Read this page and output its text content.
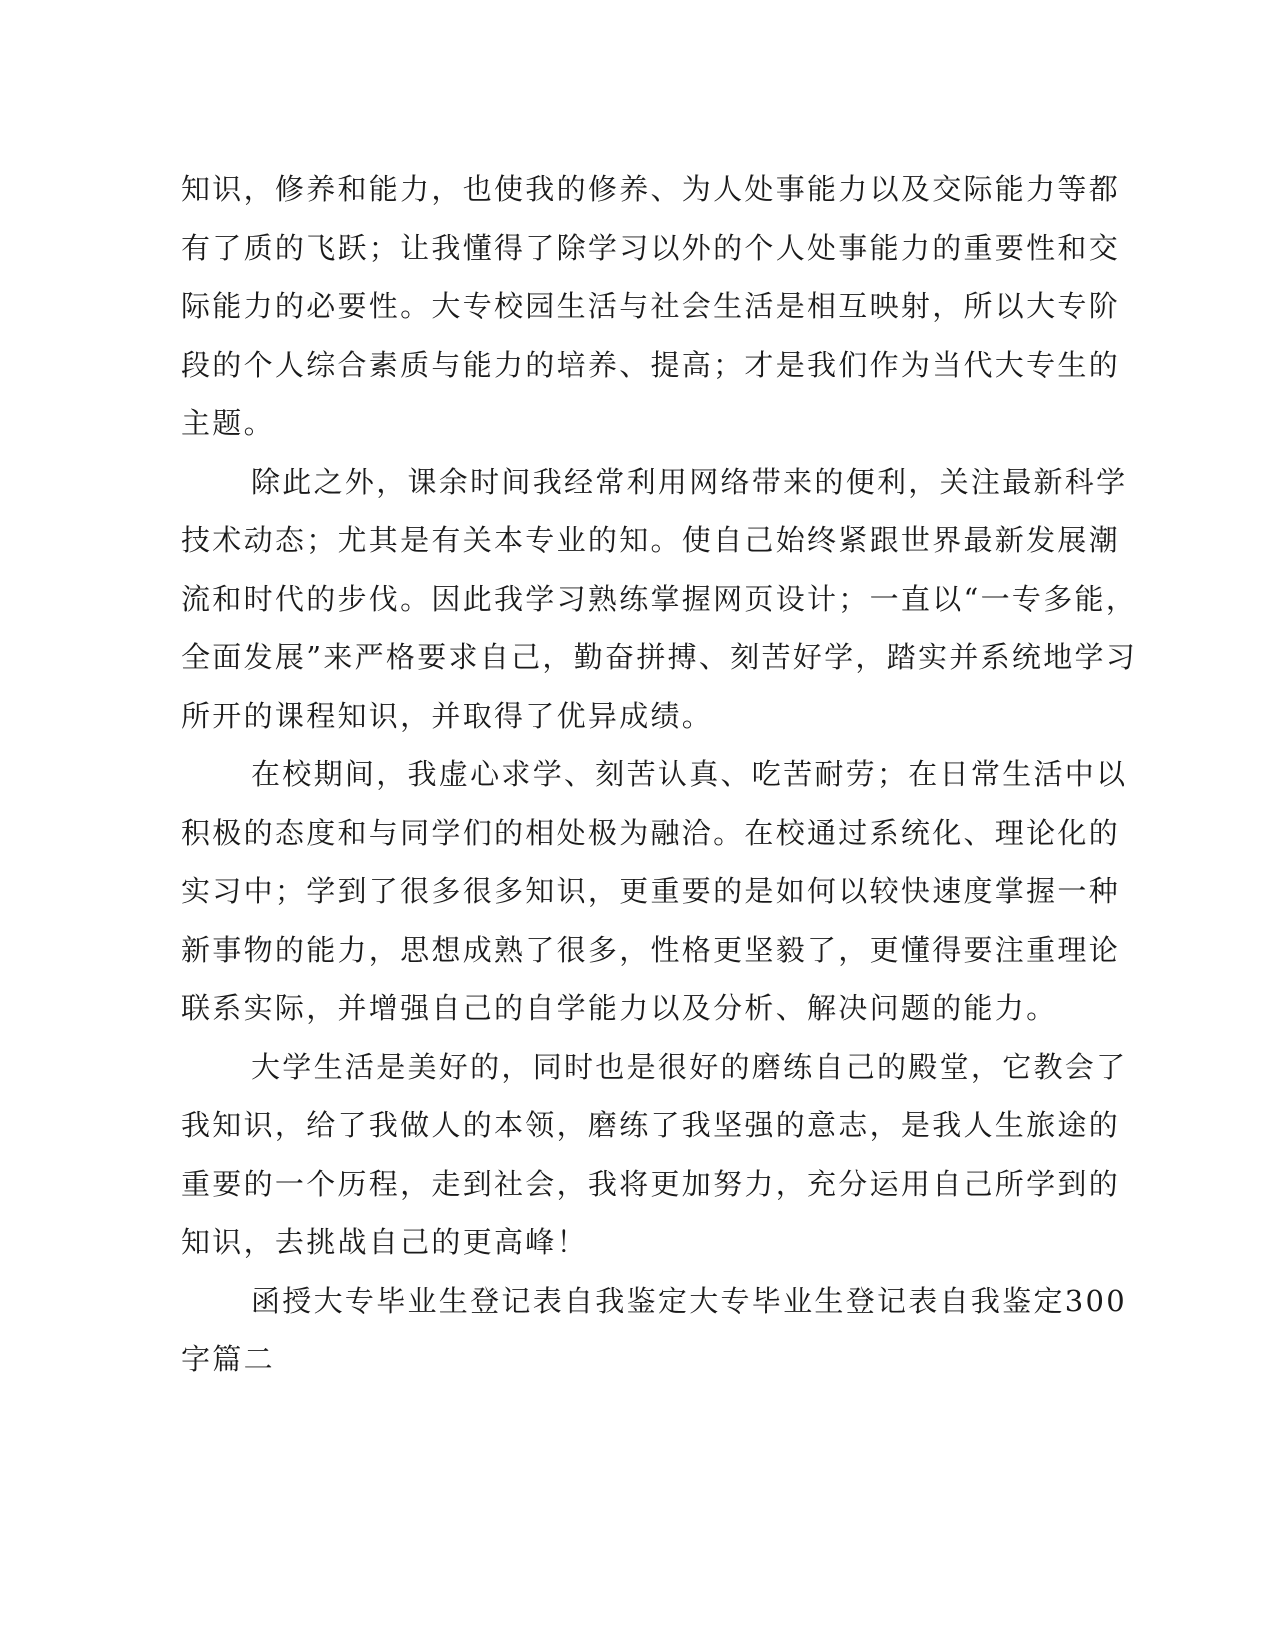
知识，修养和能力，也使我的修养、为人处事能力以及交际能力等都
有了质的飞跃；让我懂得了除学习以外的个人处事能力的重要性和交
际能力的必要性。大专校园生活与社会生活是相互映射，所以大专阶
段的个人综合素质与能力的培养、提高；才是我们作为当代大专生的
主题。

除此之外，课余时间我经常利用网络带来的便利，关注最新科学
技术动态；尤其是有关本专业的知。使自己始终紧跟世界最新发展潮
流和时代的步伐。因此我学习熟练掌握网页设计；一直以“一专多能，
全面发展”来严格要求自己，勤奋拼搏、刻苦好学，踏实并系统地学习
所开的课程知识，并取得了优异成绩。

在校期间，我虚心求学、刻苦认真、吃苦耐劳；在日常生活中以
积极的态度和与同学们的相处极为融洽。在校通过系统化、理论化的
实习中；学到了很多很多知识，更重要的是如何以较快速度掌握一种
新事物的能力，思想成熟了很多，性格更坚毅了，更懂得要注重理论
联系实际，并增强自己的自学能力以及分析、解决问题的能力。

大学生活是美好的，同时也是很好的磨练自己的殿堂，它教会了
我知识，给了我做人的本领，磨练了我坚强的意志，是我人生旅途的
重要的一个历程，走到社会，我将更加努力，充分运用自己所学到的
知识，去挑战自己的更高峰！

函授大专毕业生登记表自我鉴定大专毕业生登记表自我鉴定300
字篇二
